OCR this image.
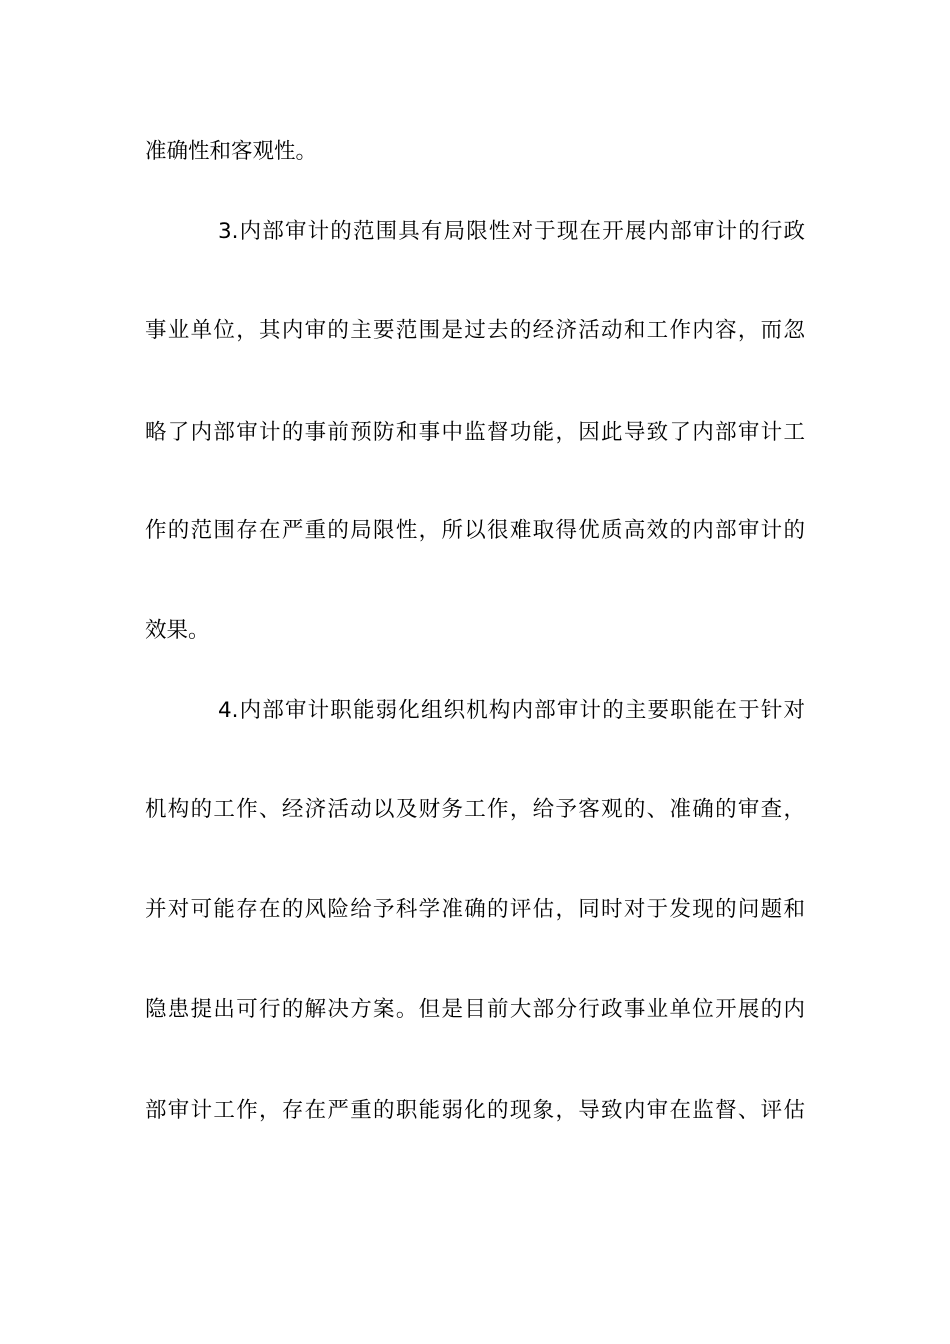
准确性和客观性。
3.内部审计的范围具有局限性对于现在开展内部审计的行政
事业单位，其内审的主要范围是过去的经济活动和工作内容，而忽
略了内部审计的事前预防和事中监督功能，因此导致了内部审计工
作的范围存在严重的局限性，所以很难取得优质高效的内部审计的
效果。
4.内部审计职能弱化组织机构内部审计的主要职能在于针对
机构的工作、经济活动以及财务工作，给予客观的、准确的审查，
并对可能存在的风险给予科学准确的评估，同时对于发现的问题和
隐患提出可行的解决方案。但是目前大部分行政事业单位开展的内
部审计工作，存在严重的职能弱化的现象，导致内审在监督、评估
